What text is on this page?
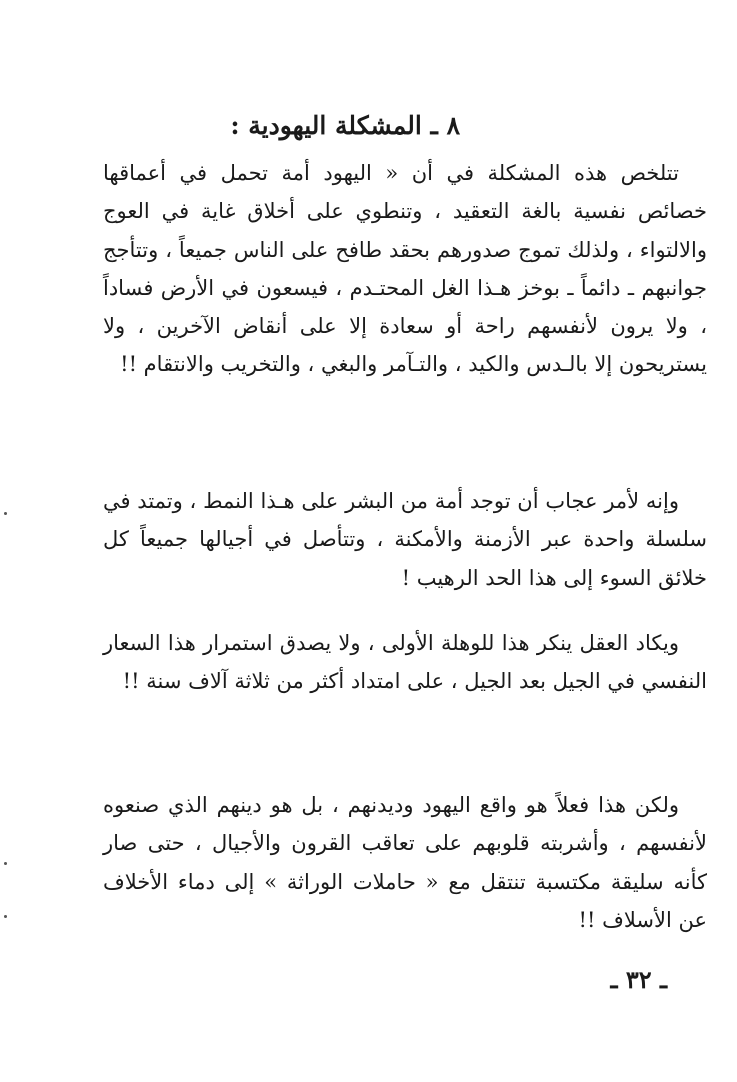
٨ ـ المشكلة اليهودية :

تتلخص هذه المشكلة في أن « اليهود أمة تحمل في أعماقها خصائص نفسية بالغة التعقيد ، وتنطوي على أخلاق غاية في العوج والالتواء ، ولذلك تموج صدورهم بحقد طافح على الناس جميعاً ، وتتأجج جوانبهم ـ دائماً ـ بوخز هـذا الغل المحتـدم ، فيسعون في الأرض فساداً ، ولا يرون لأنفسهم راحة أو سعادة إلا على أنقاض الآخرين ، ولا يستريحون إلا بالـدس والكيد ، والتـآمر والبغي ، والتخريب والانتقام !!

وإنه لأمر عجاب أن توجد أمة من البشر على هـذا النمط ، وتمتد في سلسلة واحدة عبر الأزمنة والأمكنة ، وتتأصل في أجيالها جميعاً كل خلائق السوء إلى هذا الحد الرهيب !

ويكاد العقل ينكر هذا للوهلة الأولى ، ولا يصدق استمرار هذا السعار النفسي في الجيل بعد الجيل ، على امتداد أكثر من ثلاثة آلاف سنة !!

ولكن هذا فعلاً هو واقع اليهود وديدنهم ، بل هو دينهم الذي صنعوه لأنفسهم ، وأشربته قلوبهم على تعاقب القرون والأجيال ، حتى صار كأنه سليقة مكتسبة تنتقل مع « حاملات الوراثة » إلى دماء الأخلاف عن الأسلاف !!

ـ ٣٢ ـ
